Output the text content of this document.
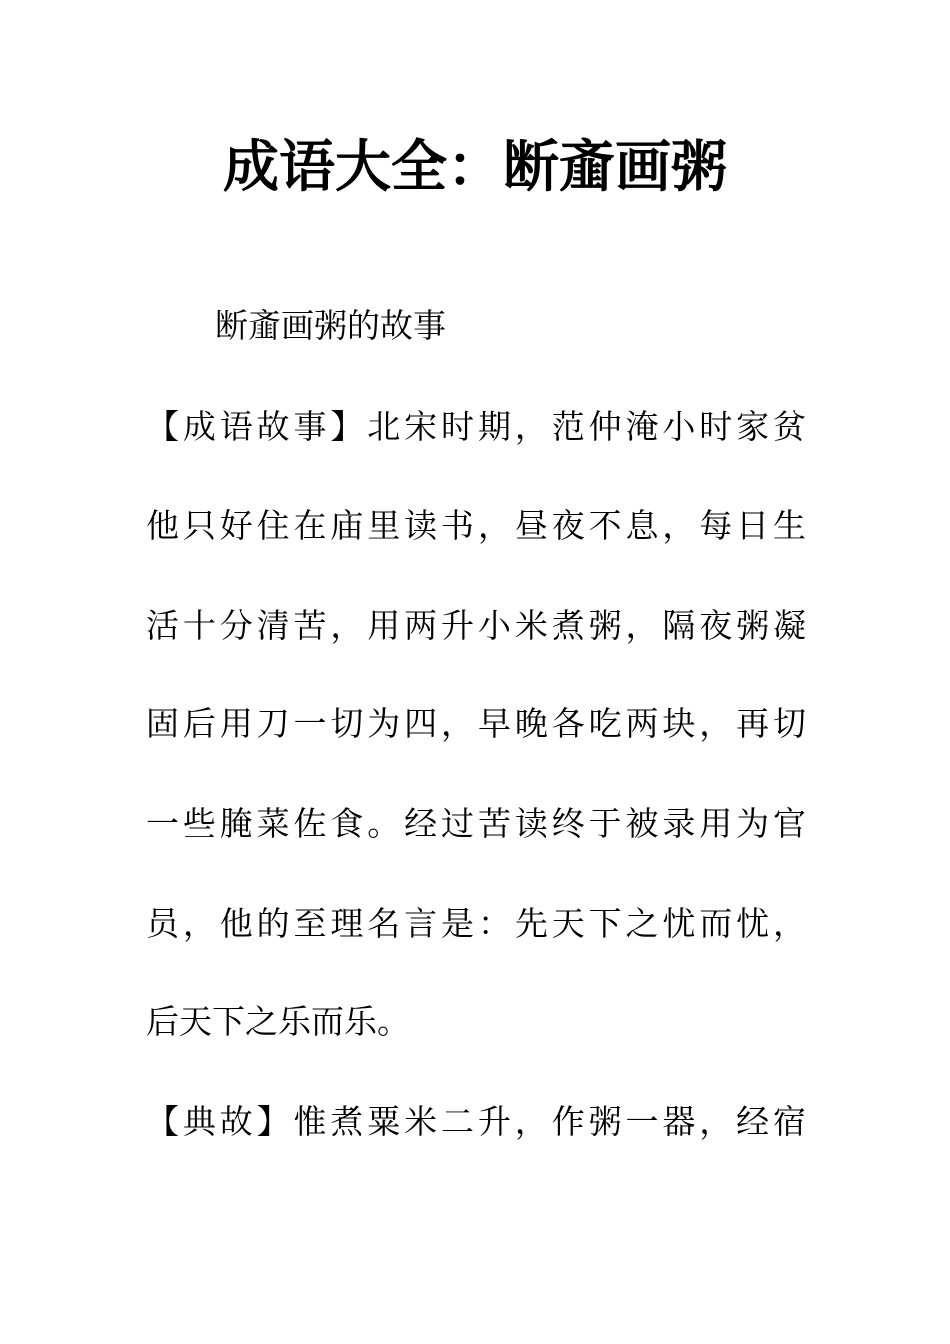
成语大全：断齑画粥

断齑画粥的故事

【成语故事】北宋时期，范仲淹小时家贫

他只好住在庙里读书，昼夜不息，每日生

活十分清苦，用两升小米煮粥，隔夜粥凝

固后用刀一切为四，早晚各吃两块，再切

一些腌菜佐食。经过苦读终于被录用为官

员，他的至理名言是：先天下之忧而忧，

后天下之乐而乐。

【典故】惟煮粟米二升，作粥一器，经宿
